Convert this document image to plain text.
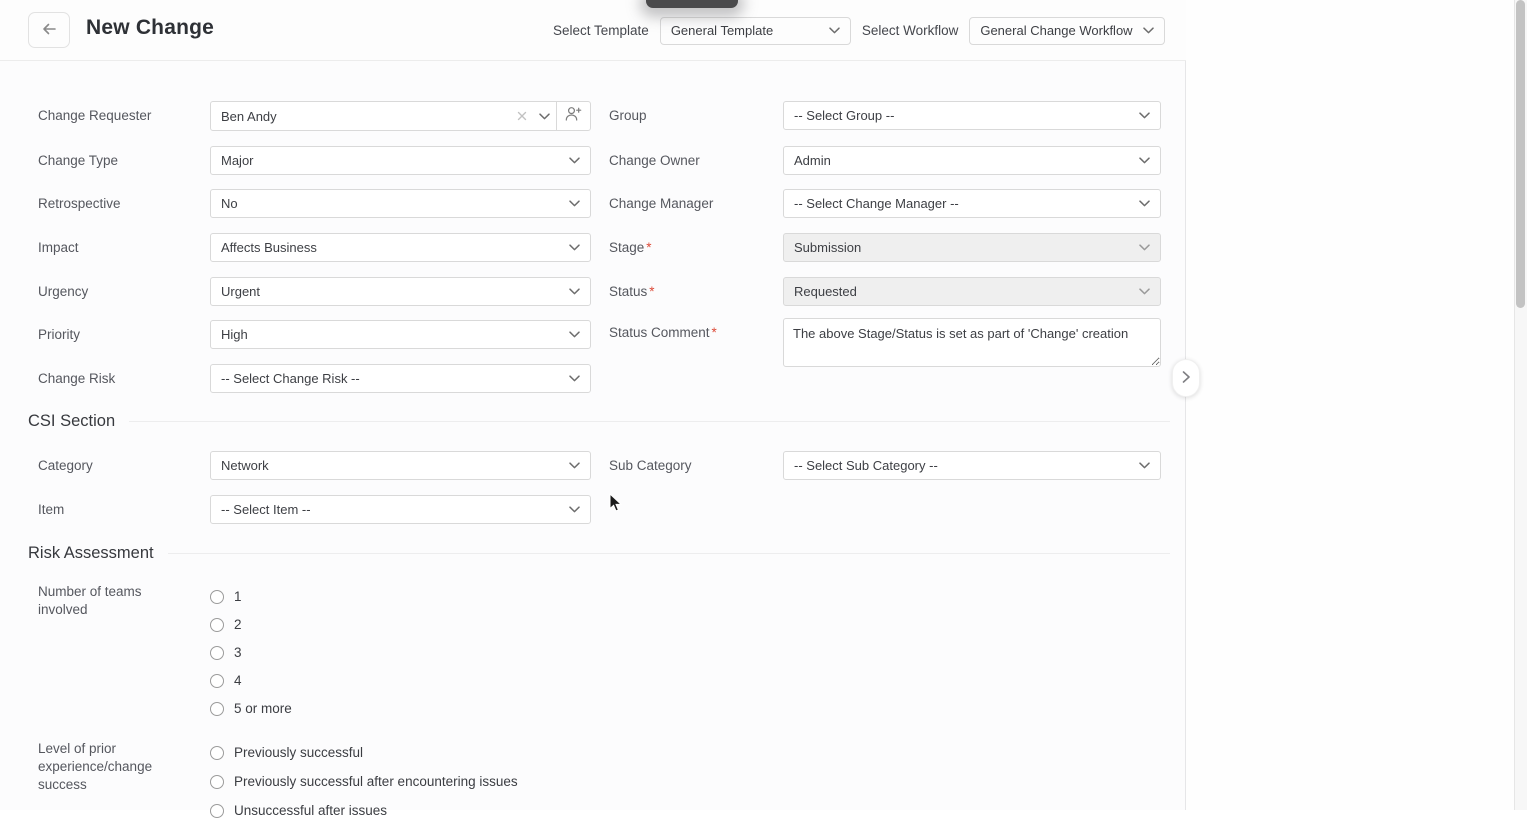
New Change	Select Template General Template	Select Workflow General Change Workflow
Change Requester	Ben Andy
Change Type	Major
Retrospective	No
Impact	Affects Business
Urgency	Urgent
Priority	High
Change Risk	-- Select Change Risk --
Group	-- Select Group --
Change Owner	Admin
Change Manager	-- Select Change Manager --
Stage *	Submission
Status *	Requested
Status Comment *
The above Stage/Status is set as part of 'Change' creation
CSI Section
Category	Network	Sub Category	-- Select Sub Category --
Item	-- Select Item --
Risk Assessment
Number of teams involved
1
2
3
4
5 or more
Level of prior experience/change success
Previously successful
Previously successful after encountering issues
Unsuccessful after issues
